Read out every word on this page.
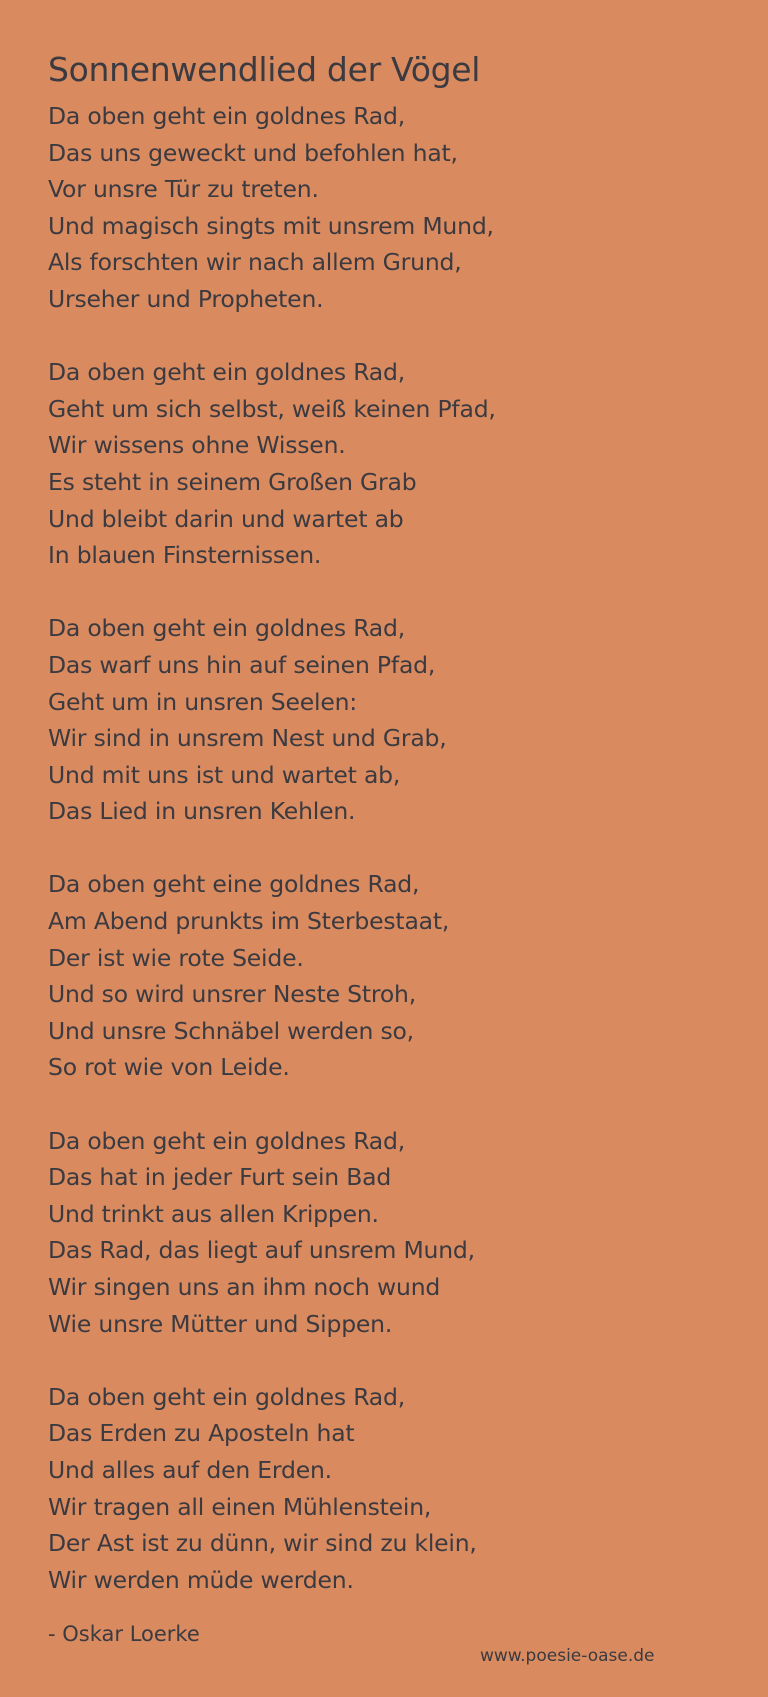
Sonnenwendlied der Vögel
Da oben geht ein goldnes Rad,
Das uns geweckt und befohlen hat,
Vor unsre Tür zu treten.
Und magisch singts mit unsrem Mund,
Als forschten wir nach allem Grund,
Urseher und Propheten.
Da oben geht ein goldnes Rad,
Geht um sich selbst, weiß keinen Pfad,
Wir wissens ohne Wissen.
Es steht in seinem Großen Grab
Und bleibt darin und wartet ab
In blauen Finsternissen.
Da oben geht ein goldnes Rad,
Das warf uns hin auf seinen Pfad,
Geht um in unsren Seelen:
Wir sind in unsrem Nest und Grab,
Und mit uns ist und wartet ab,
Das Lied in unsren Kehlen.
Da oben geht eine goldnes Rad,
Am Abend prunkts im Sterbestaat,
Der ist wie rote Seide.
Und so wird unsrer Neste Stroh,
Und unsre Schnäbel werden so,
So rot wie von Leide.
Da oben geht ein goldnes Rad,
Das hat in jeder Furt sein Bad
Und trinkt aus allen Krippen.
Das Rad, das liegt auf unsrem Mund,
Wir singen uns an ihm noch wund
Wie unsre Mütter und Sippen.
Da oben geht ein goldnes Rad,
Das Erden zu Aposteln hat
Und alles auf den Erden.
Wir tragen all einen Mühlenstein,
Der Ast ist zu dünn, wir sind zu klein,
Wir werden müde werden.
- Oskar Loerke
www.poesie-oase.de
